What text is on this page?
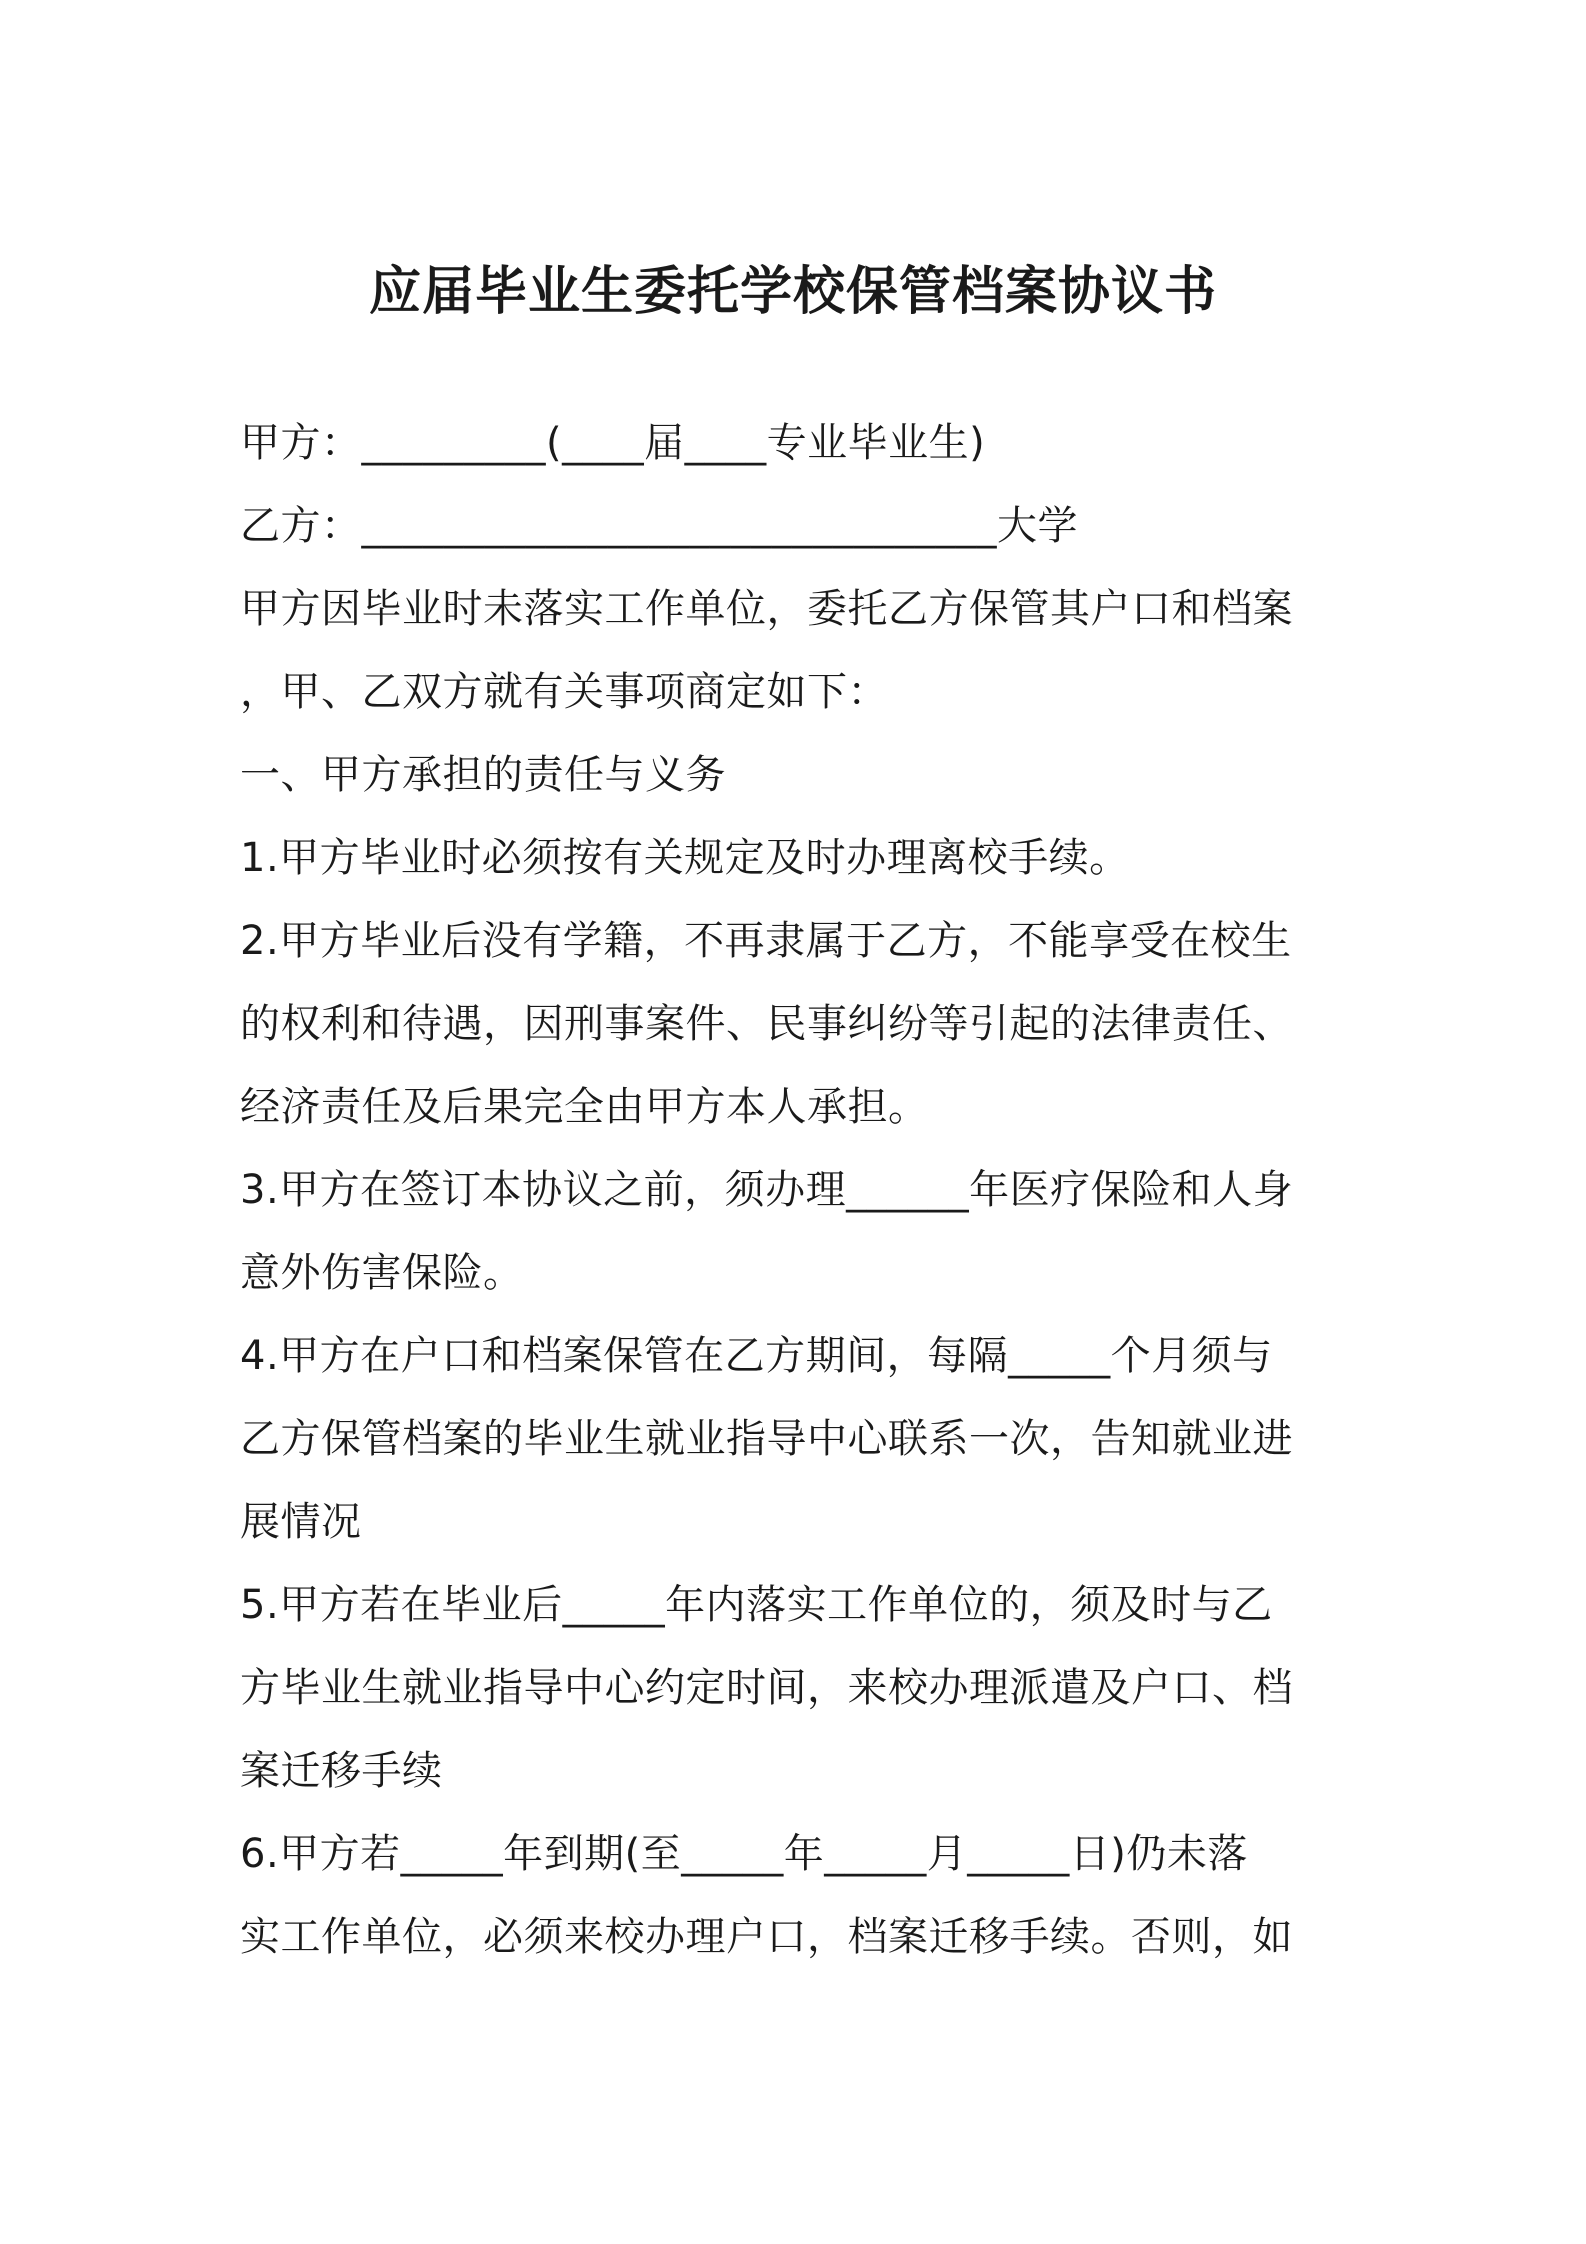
应届毕业生委托学校保管档案协议书
甲方：_________(____届____专业毕业生)
乙方：_______________________________大学
甲方因毕业时未落实工作单位，委托乙方保管其户口和档案
，甲、乙双方就有关事项商定如下：
一、甲方承担的责任与义务
1.甲方毕业时必须按有关规定及时办理离校手续。
2.甲方毕业后没有学籍，不再隶属于乙方，不能享受在校生
的权利和待遇，因刑事案件、民事纠纷等引起的法律责任、
经济责任及后果完全由甲方本人承担。
3.甲方在签订本协议之前，须办理______年医疗保险和人身
意外伤害保险。
4.甲方在户口和档案保管在乙方期间，每隔_____个月须与
乙方保管档案的毕业生就业指导中心联系一次，告知就业进
展情况
5.甲方若在毕业后_____年内落实工作单位的，须及时与乙
方毕业生就业指导中心约定时间，来校办理派遣及户口、档
案迁移手续
6.甲方若_____年到期(至_____年_____月_____日)仍未落
实工作单位，必须来校办理户口，档案迁移手续。否则，如
